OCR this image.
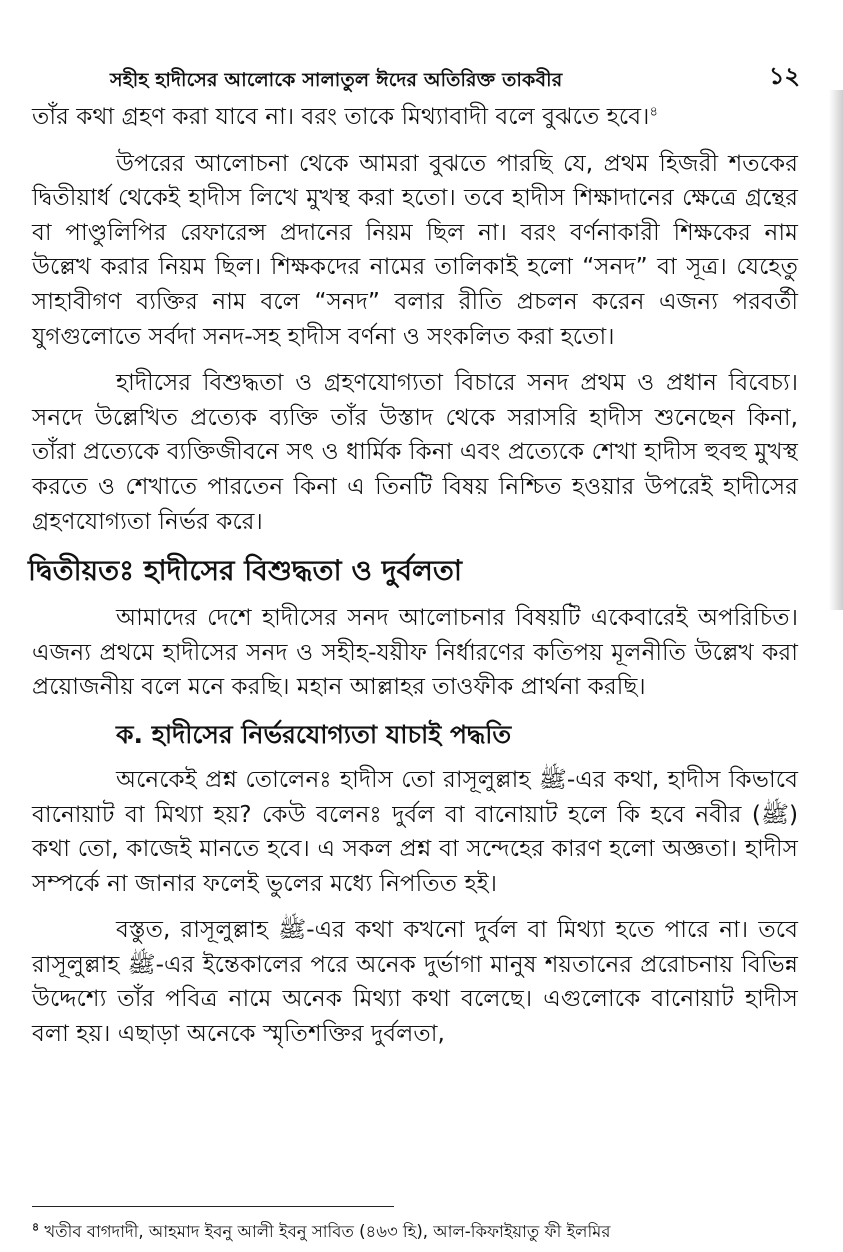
সহীহ হাদীসের আলোকে সালাতুল ঈদের অতিরিক্ত তাকবীর	১২

তাঁর কথা গ্রহণ করা যাবে না। বরং তাকে মিথ্যাবাদী বলে বুঝতে হবে।$^৪$

উপরের আলোচনা থেকে আমরা বুঝতে পারছি যে, প্রথম হিজরী শতকের দ্বিতীয়ার্ধ থেকেই হাদীস লিখে মুখস্থ করা হতো। তবে হাদীস শিক্ষাদানের ক্ষেত্রে গ্রন্থের বা পাণ্ডুলিপির রেফারেন্স প্রদানের নিয়ম ছিল না। বরং বর্ণনাকারী শিক্ষকের নাম উল্লেখ করার নিয়ম ছিল। শিক্ষকদের নামের তালিকাই হলো “সনদ” বা সূত্র। যেহেতু সাহাবীগণ ব্যক্তির নাম বলে “সনদ” বলার রীতি প্রচলন করেন এজন্য পরবর্তী যুগগুলোতে সর্বদা সনদ-সহ হাদীস বর্ণনা ও সংকলিত করা হতো।

হাদীসের বিশুদ্ধতা ও গ্রহণযোগ্যতা বিচারে সনদ প্রথম ও প্রধান বিবেচ্য। সনদে উল্লেখিত প্রত্যেক ব্যক্তি তাঁর উস্তাদ থেকে সরাসরি হাদীস শুনেছেন কিনা, তাঁরা প্রত্যেকে ব্যক্তিজীবনে সৎ ও ধার্মিক কিনা এবং প্রত্যেকে শেখা হাদীস হুবহু মুখস্থ করতে ও শেখাতে পারতেন কিনা এ তিনটি বিষয় নিশ্চিত হওয়ার উপরেই হাদীসের গ্রহণযোগ্যতা নির্ভর করে।

দ্বিতীয়তঃ হাদীসের বিশুদ্ধতা ও দুর্বলতা

আমাদের দেশে হাদীসের সনদ আলোচনার বিষয়টি একেবারেই অপরিচিত। এজন্য প্রথমে হাদীসের সনদ ও সহীহ-যয়ীফ নির্ধারণের কতিপয় মূলনীতি উল্লেখ করা প্রয়োজনীয় বলে মনে করছি। মহান আল্লাহর তাওফীক প্রার্থনা করছি।

ক. হাদীসের নির্ভরযোগ্যতা যাচাই পদ্ধতি

অনেকেই প্রশ্ন তোলেনঃ হাদীস তো রাসূলুল্লাহ ﷺ-এর কথা, হাদীস কিভাবে বানোয়াট বা মিথ্যা হয়? কেউ বলেনঃ দুর্বল বা বানোয়াট হলে কি হবে নবীর (ﷺ) কথা তো, কাজেই মানতে হবে। এ সকল প্রশ্ন বা সন্দেহের কারণ হলো অজ্ঞতা। হাদীস সম্পর্কে না জানার ফলেই ভুলের মধ্যে নিপতিত হই।

বস্তুত, রাসূলুল্লাহ ﷺ-এর কথা কখনো দুর্বল বা মিথ্যা হতে পারে না। তবে রাসূলুল্লাহ ﷺ-এর ইন্তেকালের পরে অনেক দুর্ভাগা মানুষ শয়তানের প্ররোচনায় বিভিন্ন উদ্দেশ্যে তাঁর পবিত্র নামে অনেক মিথ্যা কথা বলেছে। এগুলোকে বানোয়াট হাদীস বলা হয়। এছাড়া অনেকে স্মৃতিশক্তির দুর্বলতা,

$^৪$ খতীব বাগদাদী, আহমাদ ইবনু আলী ইবনু সাবিত (৪৬৩ হি), আল-কিফাইয়াতু ফী ইলমির
